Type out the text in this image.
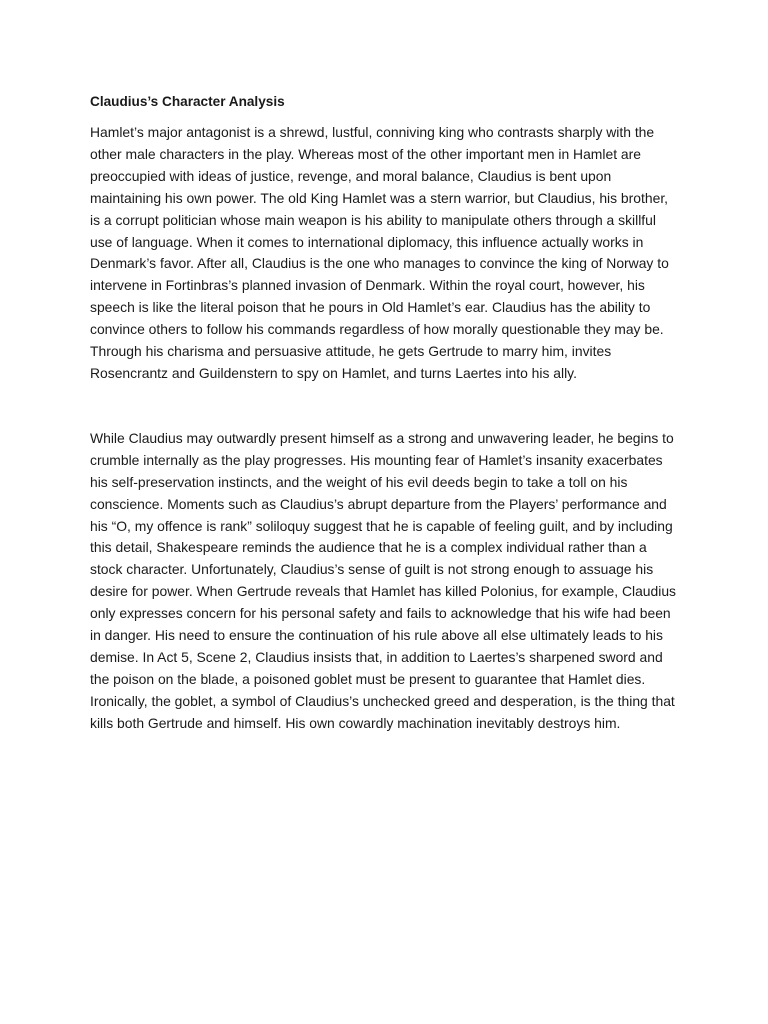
Claudius’s Character Analysis

Hamlet’s major antagonist is a shrewd, lustful, conniving king who contrasts sharply with the other male characters in the play. Whereas most of the other important men in Hamlet are preoccupied with ideas of justice, revenge, and moral balance, Claudius is bent upon maintaining his own power. The old King Hamlet was a stern warrior, but Claudius, his brother, is a corrupt politician whose main weapon is his ability to manipulate others through a skillful use of language. When it comes to international diplomacy, this influence actually works in Denmark’s favor. After all, Claudius is the one who manages to convince the king of Norway to intervene in Fortinbras’s planned invasion of Denmark. Within the royal court, however, his speech is like the literal poison that he pours in Old Hamlet’s ear. Claudius has the ability to convince others to follow his commands regardless of how morally questionable they may be. Through his charisma and persuasive attitude, he gets Gertrude to marry him, invites Rosencrantz and Guildenstern to spy on Hamlet, and turns Laertes into his ally.

While Claudius may outwardly present himself as a strong and unwavering leader, he begins to crumble internally as the play progresses. His mounting fear of Hamlet’s insanity exacerbates his self-preservation instincts, and the weight of his evil deeds begin to take a toll on his conscience. Moments such as Claudius’s abrupt departure from the Players’ performance and his “O, my offence is rank” soliloquy suggest that he is capable of feeling guilt, and by including this detail, Shakespeare reminds the audience that he is a complex individual rather than a stock character. Unfortunately, Claudius’s sense of guilt is not strong enough to assuage his desire for power. When Gertrude reveals that Hamlet has killed Polonius, for example, Claudius only expresses concern for his personal safety and fails to acknowledge that his wife had been in danger. His need to ensure the continuation of his rule above all else ultimately leads to his demise. In Act 5, Scene 2, Claudius insists that, in addition to Laertes’s sharpened sword and the poison on the blade, a poisoned goblet must be present to guarantee that Hamlet dies. Ironically, the goblet, a symbol of Claudius’s unchecked greed and desperation, is the thing that kills both Gertrude and himself. His own cowardly machination inevitably destroys him.
